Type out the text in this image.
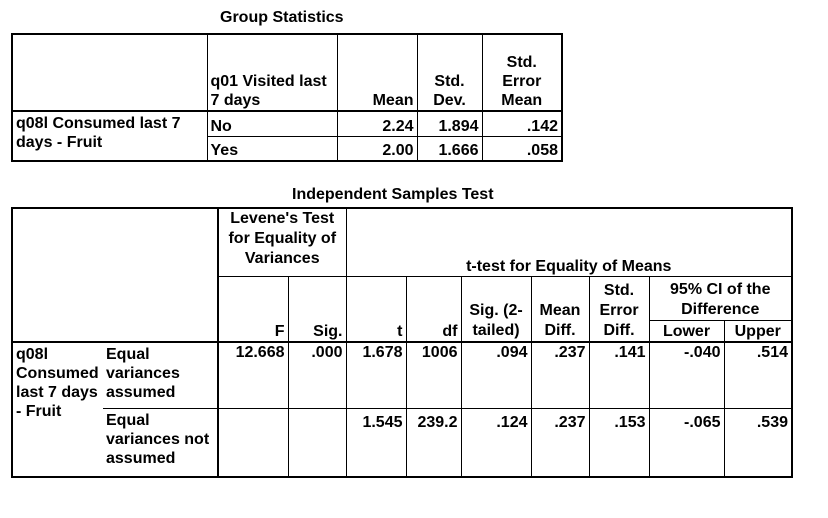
Group Statistics
	q01 Visited last 7 days	Mean	Std. Dev.	Std. Error Mean
q08l Consumed last 7 days - Fruit	No	2.24	1.894	.142
	Yes	2.00	1.666	.058
Independent Samples Test
		Levene's Test for Equality of Variances		t-test for Equality of Means						
		F	Sig.	t	df	Sig. (2-tailed)	Mean Diff.	Std. Error Diff.	95% CI of the Difference	
									Lower	Upper
q08l Consumed last 7 days - Fruit	Equal variances assumed	12.668	.000	1.678	1006	.094	.237	.141	-.040	.514
	Equal variances not assumed			1.545	239.2	.124	.237	.153	-.065	.539
